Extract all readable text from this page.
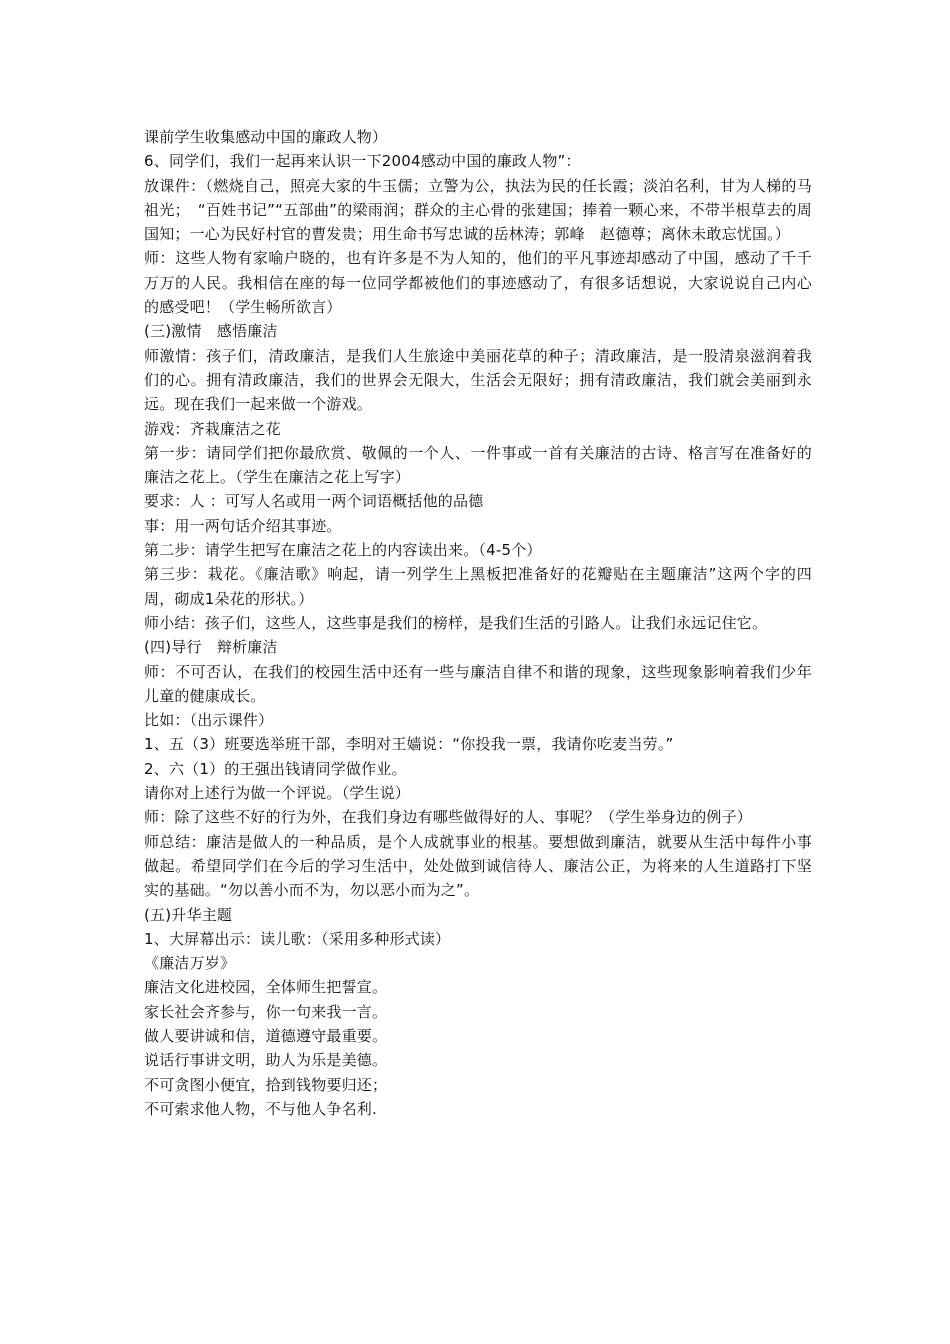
课前学生收集感动中国的廉政人物）

6、同学们，我们一起再来认识一下2004感动中国的廉政人物”：

放课件：（燃烧自己，照亮大家的牛玉儒；立警为公，执法为民的任长霞；淡泊名利，甘为人梯的马祖光；　“百姓书记”“五部曲”的梁雨润；群众的主心骨的张建国；捧着一颗心来，不带半根草去的周国知；一心为民好村官的曹发贵；用生命书写忠诚的岳林涛；郭峰　赵德尊；离休未敢忘忧国。）

师：这些人物有家喻户晓的，也有许多是不为人知的，他们的平凡事迹却感动了中国，感动了千千万万的人民。我相信在座的每一位同学都被他们的事迹感动了，有很多话想说，大家说说自己内心的感受吧！（学生畅所欲言）

(三)激情　感悟廉洁

师激情：孩子们，清政廉洁，是我们人生旅途中美丽花草的种子；清政廉洁，是一股清泉滋润着我们的心。拥有清政廉洁，我们的世界会无限大，生活会无限好；拥有清政廉洁，我们就会美丽到永远。现在我们一起来做一个游戏。

游戏：齐栽廉洁之花

第一步：请同学们把你最欣赏、敬佩的一个人、一件事或一首有关廉洁的古诗、格言写在准备好的廉洁之花上。（学生在廉洁之花上写字）

要求：人 ：可写人名或用一两个词语概括他的品德

事：用一两句话介绍其事迹。

第二步：请学生把写在廉洁之花上的内容读出来。（4-5个）

第三步：栽花。《廉洁歌》响起，请一列学生上黑板把准备好的花瓣贴在主题廉洁”这两个字的四周，砌成1朵花的形状。）

师小结：孩子们，这些人，这些事是我们的榜样，是我们生活的引路人。让我们永远记住它。

(四)导行　辩析廉洁

师：不可否认，在我们的校园生活中还有一些与廉洁自律不和谐的现象，这些现象影响着我们少年儿童的健康成长。

比如：（出示课件）

1、五（3）班要选举班干部，李明对王嫱说：“你投我一票，我请你吃麦当劳。”

2、六（1）的王强出钱请同学做作业。

请你对上述行为做一个评说。（学生说）

师：除了这些不好的行为外，在我们身边有哪些做得好的人、事呢？（学生举身边的例子）

师总结：廉洁是做人的一种品质，是个人成就事业的根基。要想做到廉洁，就要从生活中每件小事做起。希望同学们在今后的学习生活中，处处做到诚信待人、廉洁公正，为将来的人生道路打下坚实的基础。“勿以善小而不为，勿以恶小而为之”。

(五)升华主题

1、大屏幕出示：读儿歌：（采用多种形式读）

《廉洁万岁》

廉洁文化进校园，全体师生把誓宣。

家长社会齐参与，你一句来我一言。

做人要讲诚和信，道德遵守最重要。

说话行事讲文明，助人为乐是美德。

不可贪图小便宜，拾到钱物要归还；

不可索求他人物，不与他人争名利.
